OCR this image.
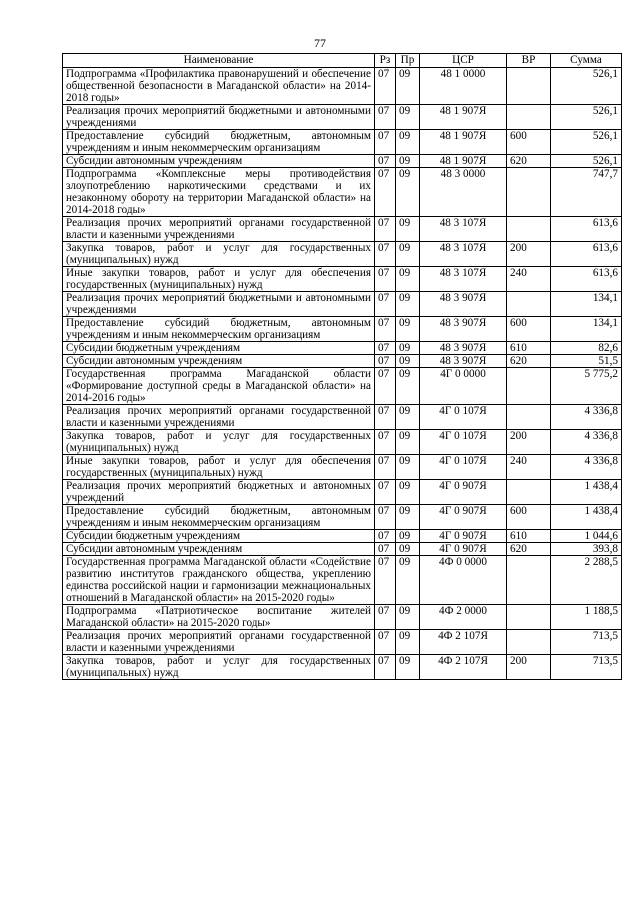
77
Наименование	Рз	Пр	ЦСР	ВР	Сумма
Подпрограмма «Профилактика правонарушений и обеспечение общественной безопасности в Магаданской области» на 2014-2018 годы»	07	09	48 1 0000		526,1
Реализация прочих мероприятий бюджетными и автономными учреждениями	07	09	48 1 907Я		526,1
Предоставление субсидий бюджетным, автономным учреждениям и иным некоммерческим организациям	07	09	48 1 907Я	600	526,1
Субсидии автономным учреждениям	07	09	48 1 907Я	620	526,1
Подпрограмма «Комплексные меры противодействия злоупотреблению наркотическими средствами и их незаконному обороту на территории Магаданской области» на 2014-2018 годы»	07	09	48 3 0000		747,7
Реализация прочих мероприятий органами государственной власти и казенными учреждениями	07	09	48 3 107Я		613,6
Закупка товаров, работ и услуг для государственных (муниципальных) нужд	07	09	48 3 107Я	200	613,6
Иные закупки товаров, работ и услуг для обеспечения государственных (муниципальных) нужд	07	09	48 3 107Я	240	613,6
Реализация прочих мероприятий бюджетными и автономными учреждениями	07	09	48 3 907Я		134,1
Предоставление субсидий бюджетным, автономным учреждениям и иным некоммерческим организациям	07	09	48 3 907Я	600	134,1
Субсидии бюджетным учреждениям	07	09	48 3 907Я	610	82,6
Субсидии автономным учреждениям	07	09	48 3 907Я	620	51,5
Государственная программа Магаданской области «Формирование доступной среды в Магаданской области» на 2014-2016 годы»	07	09	4Г 0 0000		5 775,2
Реализация прочих мероприятий органами государственной власти и казенными учреждениями	07	09	4Г 0 107Я		4 336,8
Закупка товаров, работ и услуг для государственных (муниципальных) нужд	07	09	4Г 0 107Я	200	4 336,8
Иные закупки товаров, работ и услуг для обеспечения государственных (муниципальных) нужд	07	09	4Г 0 107Я	240	4 336,8
Реализация прочих мероприятий бюджетных и автономных учреждений	07	09	4Г 0 907Я		1 438,4
Предоставление субсидий бюджетным, автономным учреждениям и иным некоммерческим организациям	07	09	4Г 0 907Я	600	1 438,4
Субсидии бюджетным учреждениям	07	09	4Г 0 907Я	610	1 044,6
Субсидии автономным учреждениям	07	09	4Г 0 907Я	620	393,8
Государственная программа Магаданской области «Содействие развитию институтов гражданского общества, укреплению единства российской нации и гармонизации межнациональных отношений в Магаданской области» на 2015-2020 годы»	07	09	4Ф 0 0000		2 288,5
Подпрограмма «Патриотическое воспитание жителей Магаданской области» на 2015-2020 годы»	07	09	4Ф 2 0000		1 188,5
Реализация прочих мероприятий органами государственной власти и казенными учреждениями	07	09	4Ф 2 107Я		713,5
Закупка товаров, работ и услуг для государственных (муниципальных) нужд	07	09	4Ф 2 107Я	200	713,5
